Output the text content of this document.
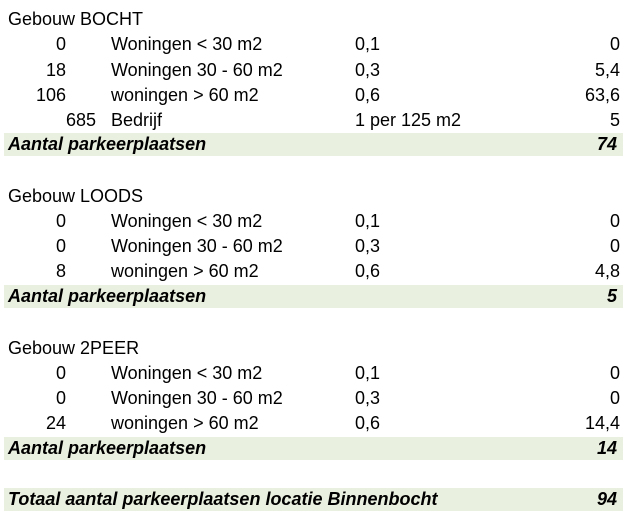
Gebouw BOCHT
0	Woningen < 30 m2	0,1	0
18	Woningen 30 - 60 m2	0,3	5,4
106	woningen > 60 m2	0,6	63,6
685 Bedrijf	1 per 125 m2	5
Aantal parkeerplaatsen	74
Gebouw LOODS
0	Woningen < 30 m2	0,1	0
0	Woningen 30 - 60 m2	0,3	0
8	woningen > 60 m2	0,6	4,8
Aantal parkeerplaatsen	5
Gebouw 2PEER
0	Woningen < 30 m2	0,1	0
0	Woningen 30 - 60 m2	0,3	0
24	woningen > 60 m2	0,6	14,4
Aantal parkeerplaatsen	14
Totaal aantal parkeerplaatsen locatie Binnenbocht	94
